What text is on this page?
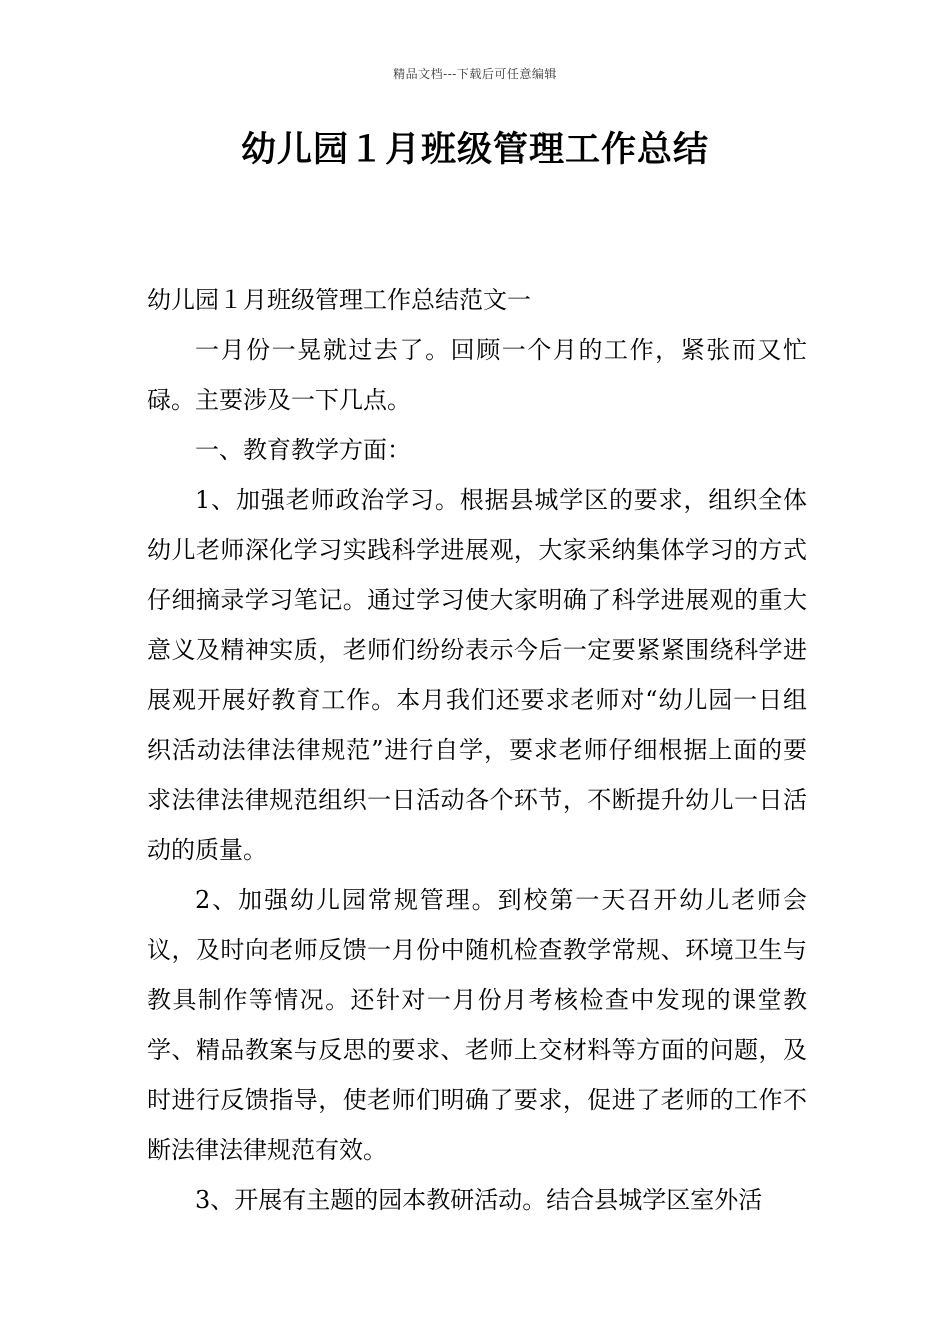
精品文档---下载后可任意编辑
幼儿园１月班级管理工作总结

幼儿园１月班级管理工作总结范文一

一月份一晃就过去了。回顾一个月的工作，紧张而又忙碌。主要涉及一下几点。

一、教育教学方面：

1、加强老师政治学习。根据县城学区的要求，组织全体幼儿老师深化学习实践科学进展观，大家采纳集体学习的方式仔细摘录学习笔记。通过学习使大家明确了科学进展观的重大意义及精神实质，老师们纷纷表示今后一定要紧紧围绕科学进展观开展好教育工作。本月我们还要求老师对“幼儿园一日组织活动法律法律规范”进行自学，要求老师仔细根据上面的要求法律法律规范组织一日活动各个环节，不断提升幼儿一日活动的质量。

2、加强幼儿园常规管理。到校第一天召开幼儿老师会议，及时向老师反馈一月份中随机检查教学常规、环境卫生与教具制作等情况。还针对一月份月考核检查中发现的课堂教学、精品教案与反思的要求、老师上交材料等方面的问题，及时进行反馈指导，使老师们明确了要求，促进了老师的工作不断法律法律规范有效。

3、开展有主题的园本教研活动。结合县城学区室外活
